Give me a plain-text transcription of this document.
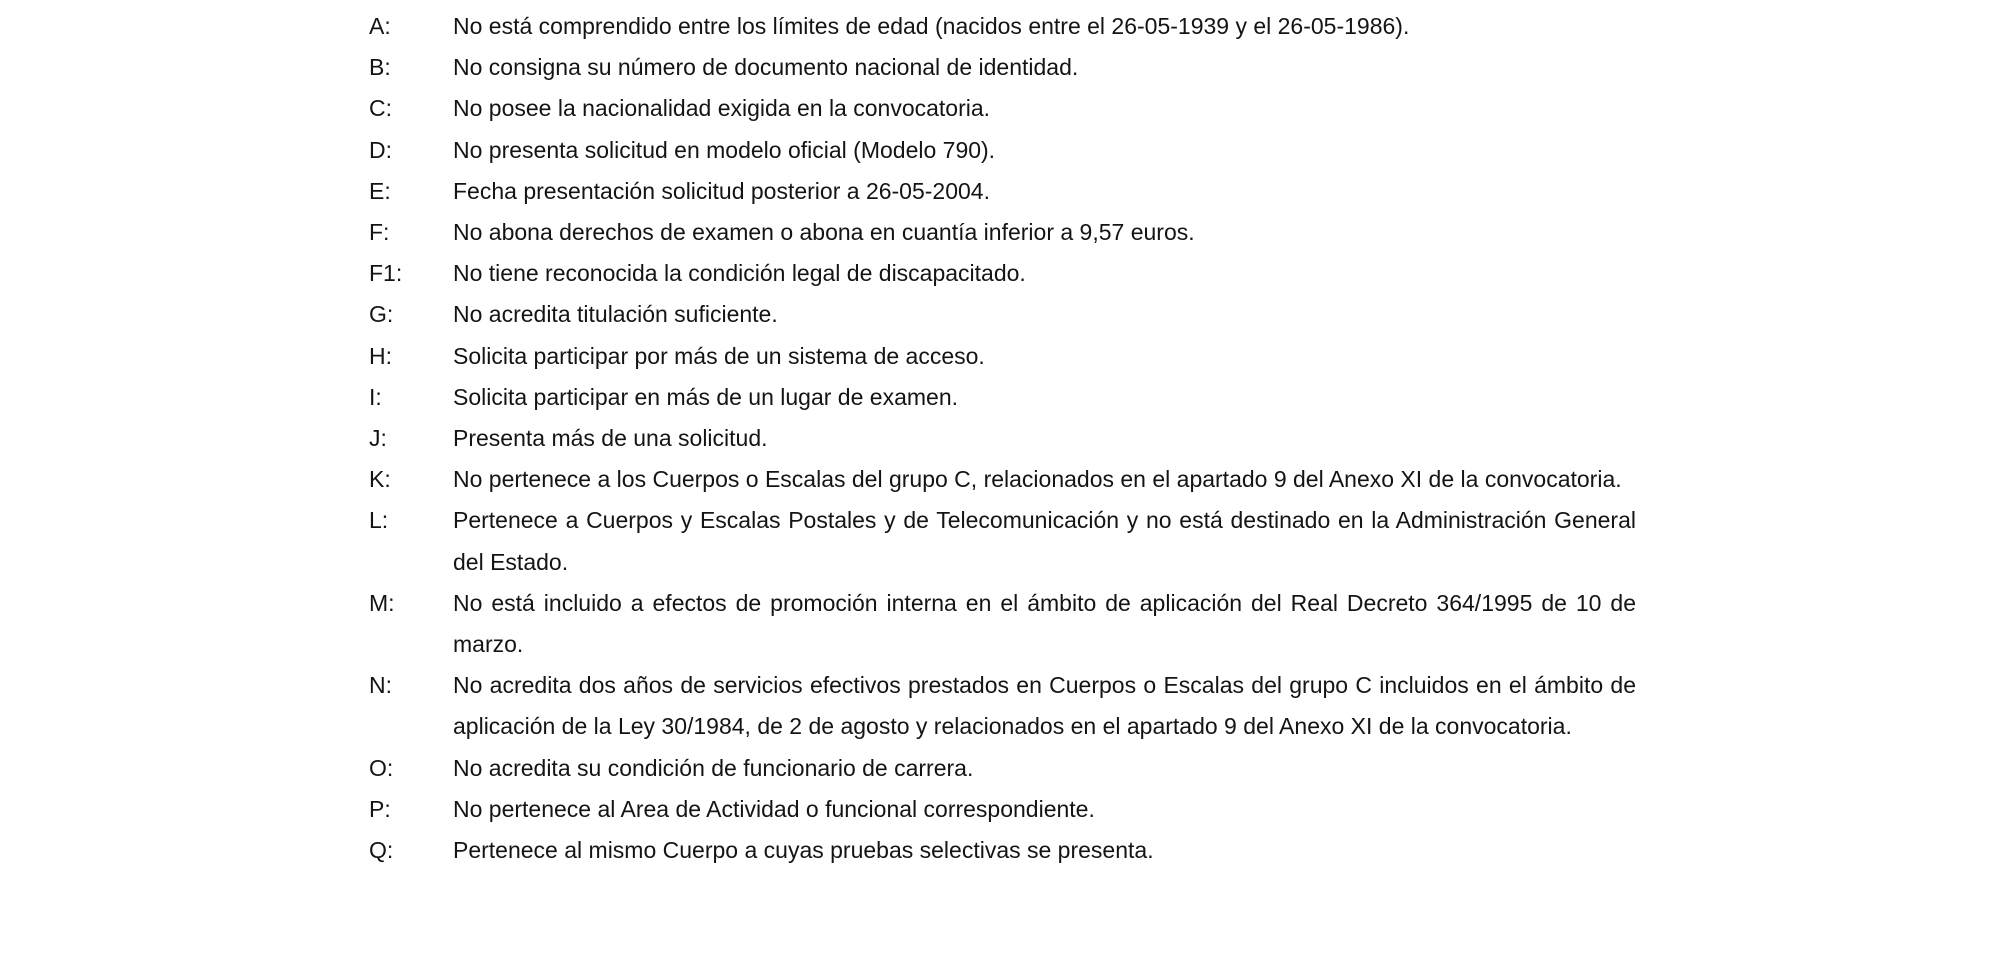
A:	No está comprendido entre los límites de edad (nacidos entre el 26-05-1939 y el 26-05-1986).
B:	No consigna su número de documento nacional de identidad.
C:	No posee la nacionalidad exigida en la convocatoria.
D:	No presenta solicitud en modelo oficial (Modelo 790).
E:	Fecha presentación solicitud posterior a 26-05-2004.
F:	No abona derechos de examen o abona en cuantía inferior a 9,57 euros.
F1:	No tiene reconocida la condición legal de discapacitado.
G:	No acredita titulación suficiente.
H:	Solicita participar por más de un sistema de acceso.
I:	Solicita participar en más de un lugar de examen.
J:	Presenta más de una solicitud.
K:	No pertenece a los Cuerpos o Escalas del grupo C, relacionados en el apartado 9 del Anexo XI de la convocatoria.
L:	Pertenece a Cuerpos y Escalas Postales y de Telecomunicación y no está destinado en la Administración General del Estado.
M:	No está incluido a efectos de promoción interna en el ámbito de aplicación del Real Decreto 364/1995 de 10 de marzo.
N:	No acredita dos años de servicios efectivos prestados en Cuerpos o Escalas del grupo C incluidos en el ámbito de aplicación de la Ley 30/1984, de 2 de agosto y relacionados en el apartado 9 del Anexo XI de la convocatoria.
O:	No acredita su condición de funcionario de carrera.
P:	No pertenece al Area de Actividad o funcional correspondiente.
Q:	Pertenece al mismo Cuerpo a cuyas pruebas selectivas se presenta.
